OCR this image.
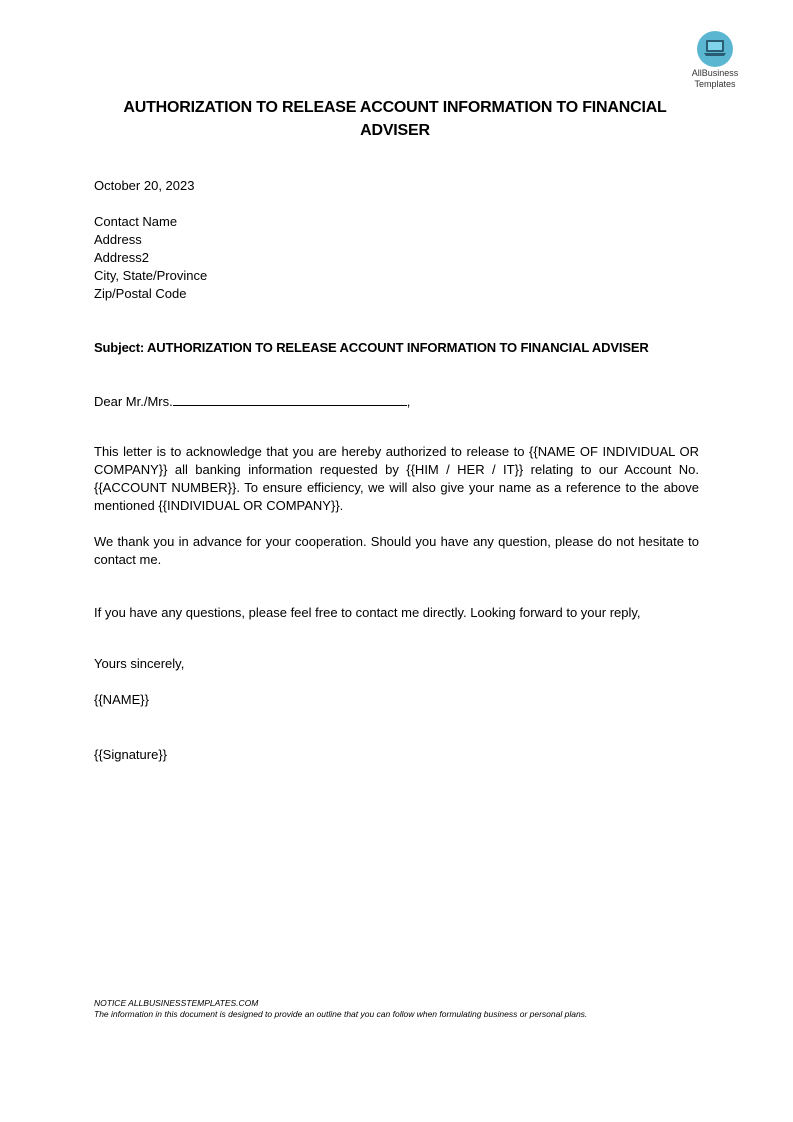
AllBusiness
Templates
AUTHORIZATION TO RELEASE ACCOUNT INFORMATION TO FINANCIAL
ADVISER
October 20, 2023
Contact Name
Address
Address2
City, State/Province
Zip/Postal Code
Subject: AUTHORIZATION TO RELEASE ACCOUNT INFORMATION TO FINANCIAL ADVISER
Dear Mr./Mrs.	,
This letter is to acknowledge that you are hereby authorized to release to {{NAME OF INDIVIDUAL OR COMPANY}} all banking information requested by {{HIM / HER / IT}} relating to our Account No. {{ACCOUNT NUMBER}}. To ensure efficiency, we will also give your name as a reference to the above mentioned {{INDIVIDUAL OR COMPANY}}.
We thank you in advance for your cooperation. Should you have any question, please do not hesitate to contact me.
If you have any questions, please feel free to contact me directly. Looking forward to your reply,
Yours sincerely,
{{NAME}}
{{Signature}}
NOTICE ALLBUSINESSTEMPLATES.COM
The information in this document is designed to provide an outline that you can follow when formulating business or personal plans.
